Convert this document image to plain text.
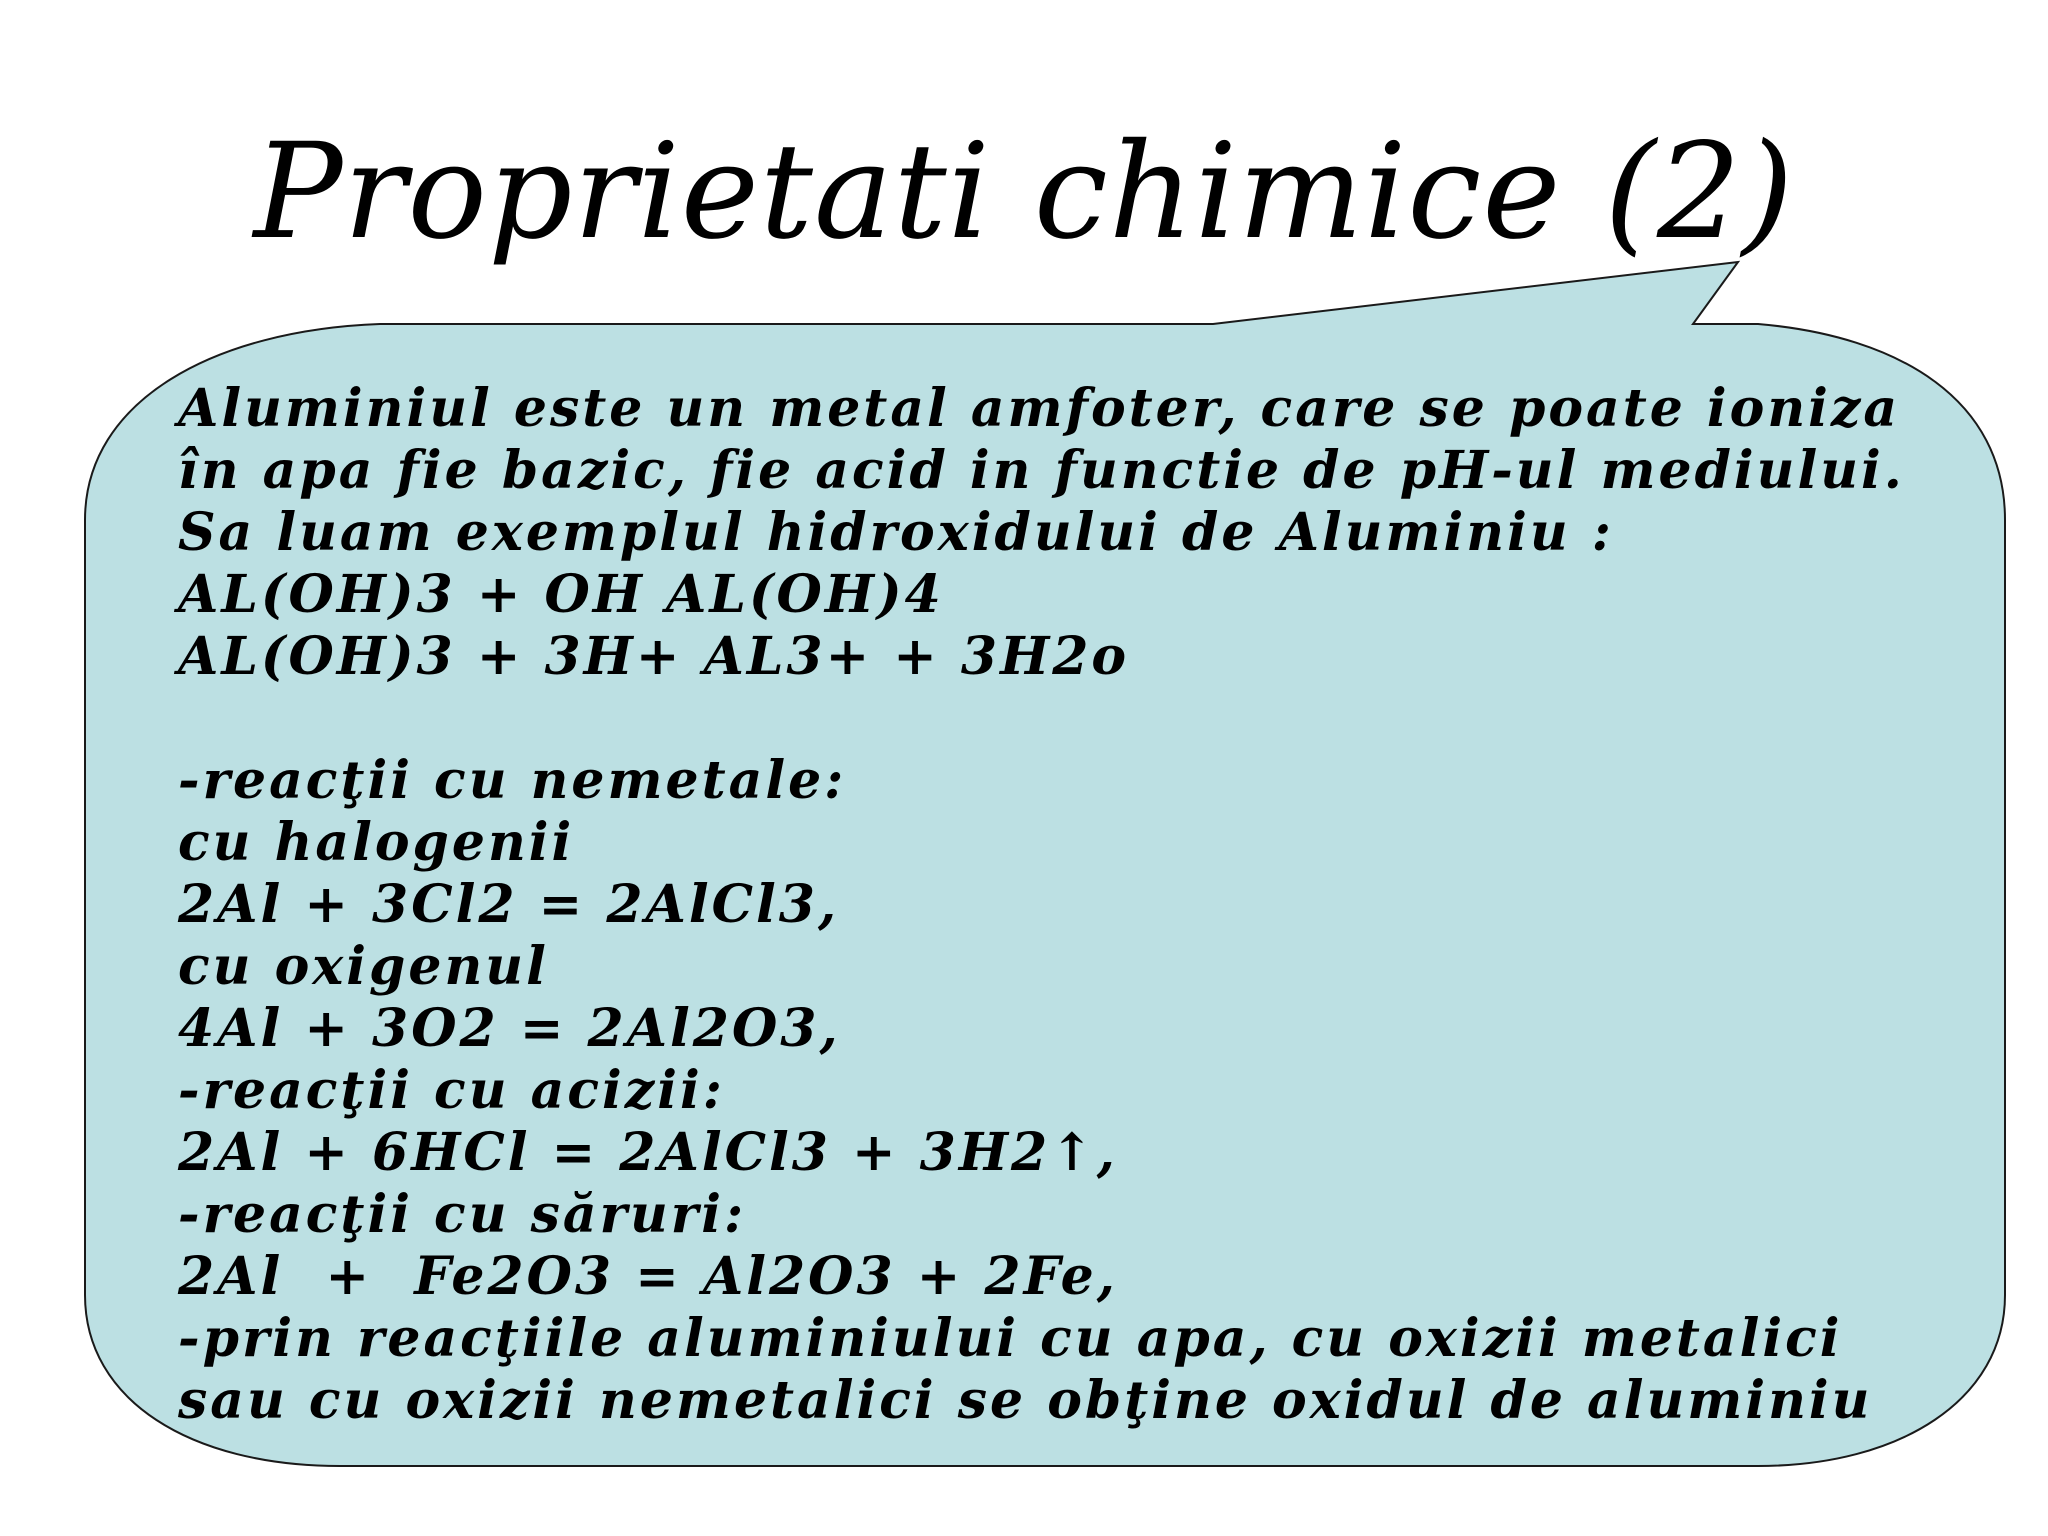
Proprietati chimice (2)
Aluminiul este un metal amfoter, care se poate ioniza
în apa fie bazic, fie acid in functie de pH-ul mediului.
Sa luam exemplul hidroxidului de Aluminiu :
AL(OH)3 + OH AL(OH)4
AL(OH)3 + 3H+ AL3+ + 3H2o
-reacţii cu nemetale:
cu halogenii
2Al + 3Cl2 = 2AlCl3,
cu oxigenul
4Al + 3O2 = 2Al2O3,
-reacţii cu acizii:
2Al + 6HCl = 2AlCl3 + 3H2↑,
-reacţii cu săruri:
2Al  +  Fe2O3 = Al2O3 + 2Fe,
-prin reacţiile aluminiului cu apa, cu oxizii metalici
sau cu oxizii nemetalici se obţine oxidul de aluminiu
